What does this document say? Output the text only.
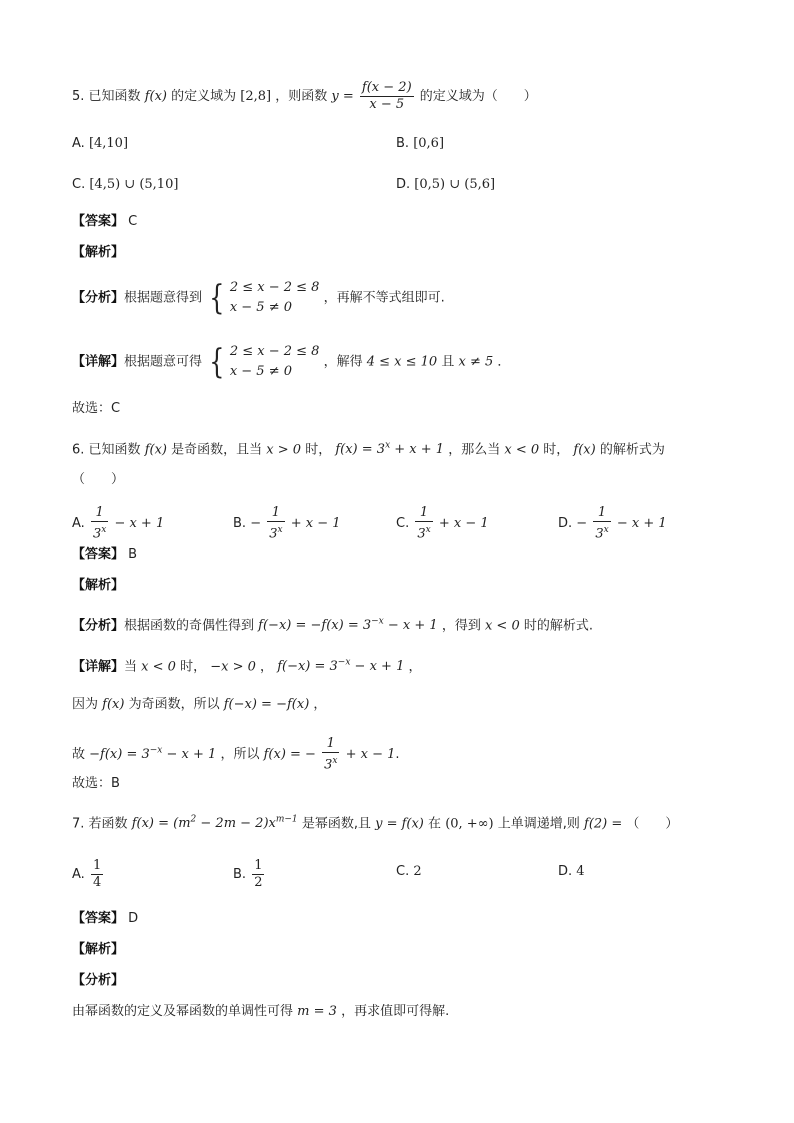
5. 已知函数 f(x) 的定义域为 [2,8] ，则函数 $y = \frac{f(x - 2)}{x - 5}$ 的定义域为（　　）
A. [4,10]	B. [0,6]
C. [4,5) ∪ (5,10]	D. [0,5) ∪ (5,6]
【答案】 C
【解析】
【分析】根据题意得到 { 2 ≤ x − 2 ≤ 8
x − 5 ≠ 0
，再解不等式组即可.
【详解】根据题意可得 { 2 ≤ x − 2 ≤ 8
x − 5 ≠ 0
，解得 4 ≤ x ≤ 10 且 x ≠ 5 ．
故选：C
6. 已知函数 f(x) 是奇函数，且当 x > 0 时， $f(x) = 3^x + x + 1$ ，那么当 x < 0 时， f(x) 的解析式为
（　　）
A. $\frac{1}{3^x} - x + 1$	B. − $\frac{1}{3^x} + x - 1$	C. $\frac{1}{3^x} + x - 1$	D. − $\frac{1}{3^x} - x + 1$
【答案】 B
【解析】
【分析】根据函数的奇偶性得到 $f(-x) = -f(x) = 3^{-x} - x + 1$ ，得到 x < 0 时的解析式.
【详解】当 x < 0 时， −x > 0 ， $f(-x) = 3^{-x} - x + 1$ ，
因为 f(x) 为奇函数，所以 f(−x) = −f(x) ，
故 $-f(x) = 3^{-x} - x + 1$ ，所以 f(x) = − $\frac{1}{3^x} + x - 1$.
故选：B
7. 若函数 $f(x) = (m^2 - 2m - 2)x^{m-1}$ 是幂函数,且 y = f(x) 在 (0, +∞) 上单调递增,则 f(2) = （　　）
A. $\frac{1}{4}$	B. $\frac{1}{2}$	C. 2	D. 4
【答案】 D
【解析】
【分析】
由幂函数的定义及幂函数的单调性可得 m = 3 ，再求值即可得解.
